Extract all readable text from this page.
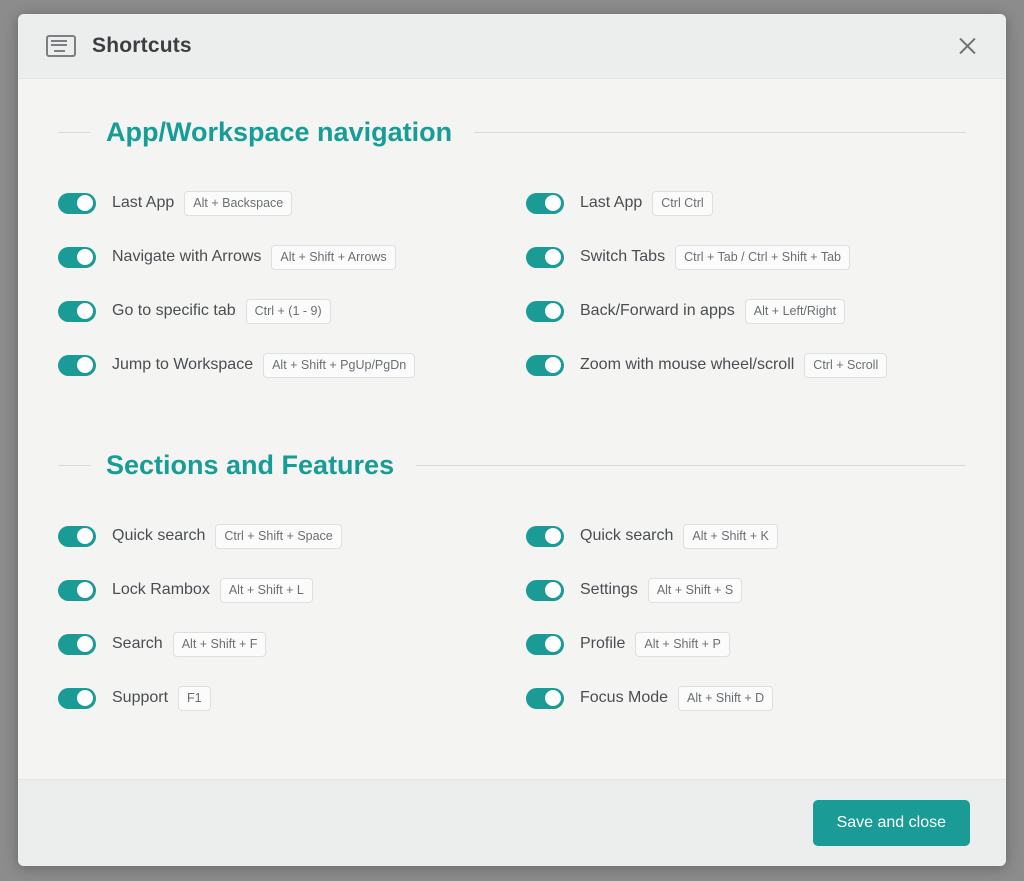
Shortcuts
App/Workspace navigation
Last App	Alt + Backspace	Last App	Ctrl Ctrl
Navigate with Arrows	Alt + Shift + Arrows	Switch Tabs	Ctrl + Tab / Ctrl + Shift + Tab
Go to specific tab	Ctrl + (1 - 9)	Back/Forward in apps	Alt + Left/Right
Jump to Workspace	Alt + Shift + PgUp/PgDn	Zoom with mouse wheel/scroll	Ctrl + Scroll
Sections and Features
Quick search	Ctrl + Shift + Space	Quick search	Alt + Shift + K
Lock Rambox	Alt + Shift + L	Settings	Alt + Shift + S
Search	Alt + Shift + F	Profile	Alt + Shift + P
Support	F1	Focus Mode	Alt + Shift + D
Save and close
